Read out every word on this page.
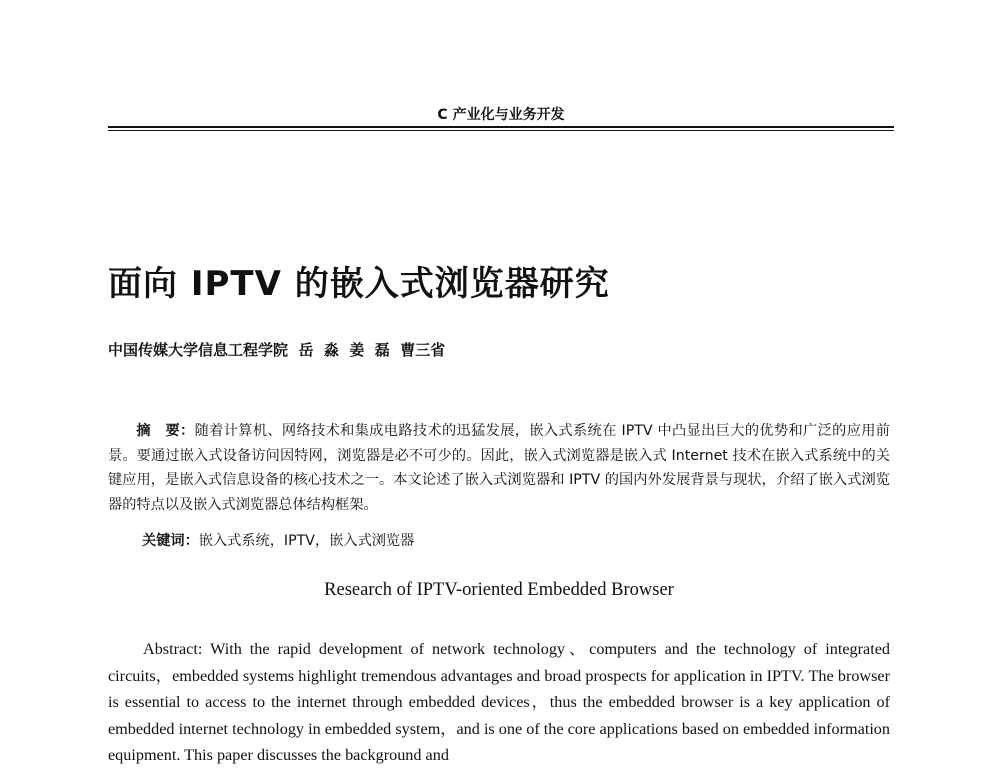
C 产业化与业务开发
面向 IPTV 的嵌入式浏览器研究
中国传媒大学信息工程学院  岳  淼  姜  磊  曹三省
摘　要：随着计算机、网络技术和集成电路技术的迅猛发展，嵌入式系统在 IPTV 中凸显出巨大的优势和广泛的应用前景。要通过嵌入式设备访问因特网，浏览器是必不可少的。因此，嵌入式浏览器是嵌入式 Internet 技术在嵌入式系统中的关键应用，是嵌入式信息设备的核心技术之一。本文论述了嵌入式浏览器和 IPTV 的国内外发展背景与现状，介绍了嵌入式浏览器的特点以及嵌入式浏览器总体结构框架。
关键词：嵌入式系统，IPTV，嵌入式浏览器
Research of IPTV-oriented Embedded Browser
Abstract: With the rapid development of network technology、computers and the technology of integrated circuits，embedded systems highlight tremendous advantages and broad prospects for application in IPTV. The browser is essential to access to the internet through embedded devices，thus the embedded browser is a key application of embedded internet technology in embedded system，and is one of the core applications based on embedded information equipment. This paper discusses the background and
